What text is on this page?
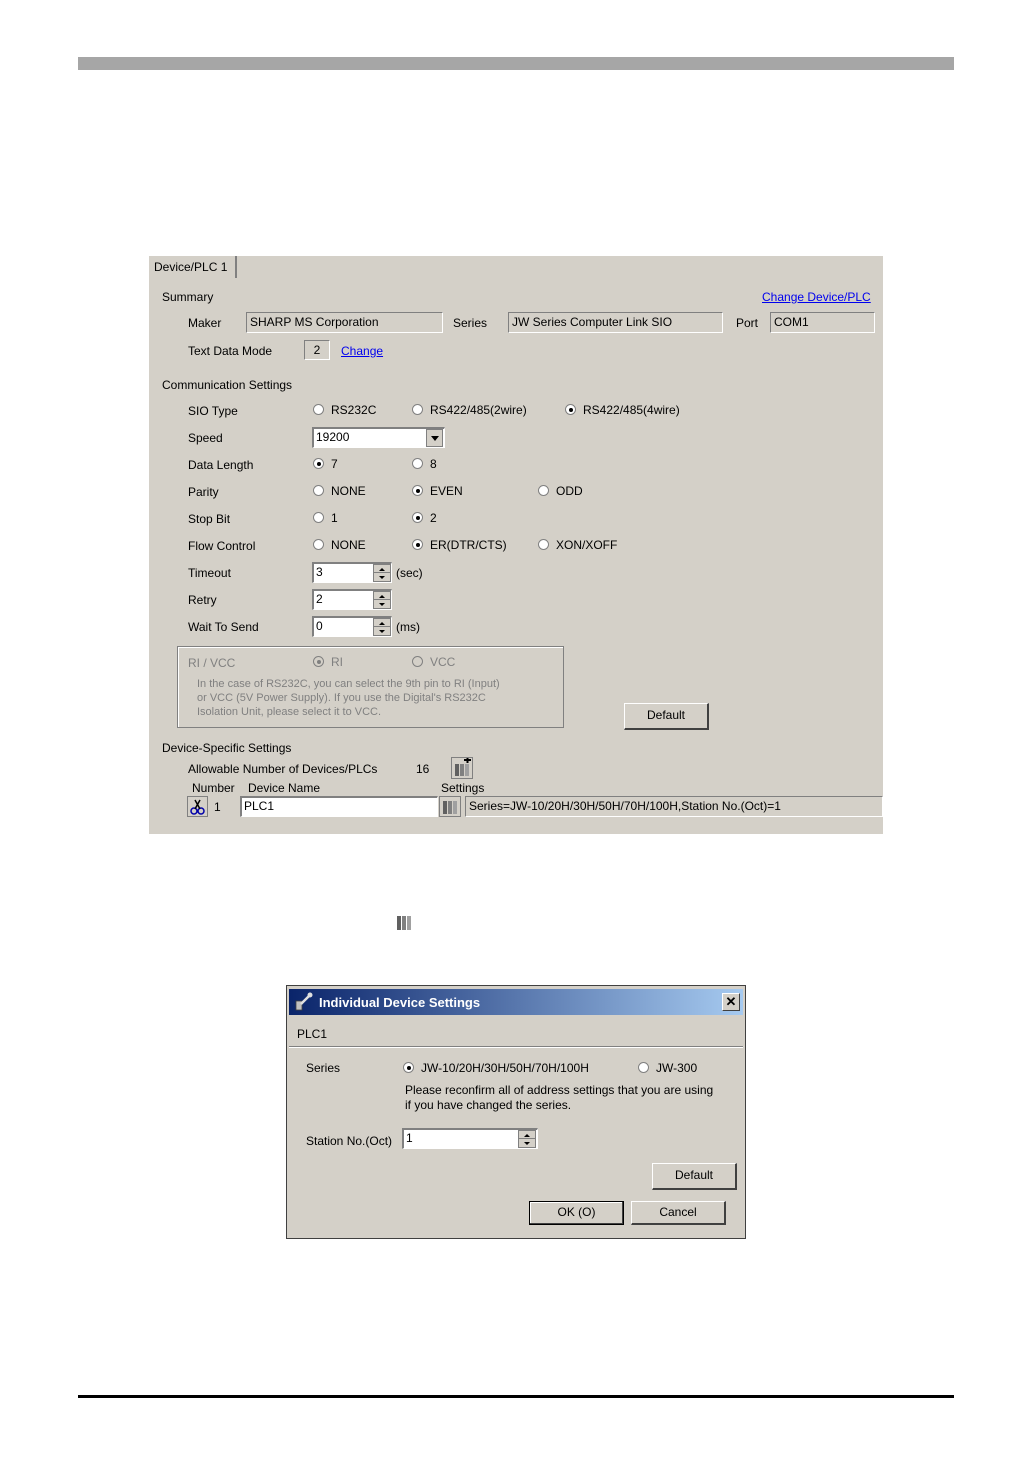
Device/PLC 1
Summary	Change Device/PLC
Maker	SHARP MS Corporation	Series	JW Series Computer Link SIO	Port	COM1
Text Data Mode	2	Change
Communication Settings
SIO Type	RS232C	RS422/485(2wire)	RS422/485(4wire)
Speed	19200
Data Length	7	8
Parity	NONE	EVEN	ODD
Stop Bit	1	2
Flow Control	NONE	ER(DTR/CTS)	XON/XOFF
Timeout	3	(sec)
Retry	2
Wait To Send	0	(ms)
RI / VCC	RI	VCC
In the case of RS232C, you can select the 9th pin to RI (Input)
or VCC (5V Power Supply). If you use the Digital's RS232C
Isolation Unit, please select it to VCC.	Default
Device-Specific Settings
Allowable Number of Devices/PLCs	16
Number Device Name	Settings
1	PLC1	Series=JW-10/20H/30H/50H/70H/100H,Station No.(Oct)=1
Individual Device Settings	✕
PLC1
Series	JW-10/20H/30H/50H/70H/100H	JW-300
Please reconfirm all of address settings that you are using
if you have changed the series.
Station No.(Oct)	1
Default
OK (O)	Cancel
